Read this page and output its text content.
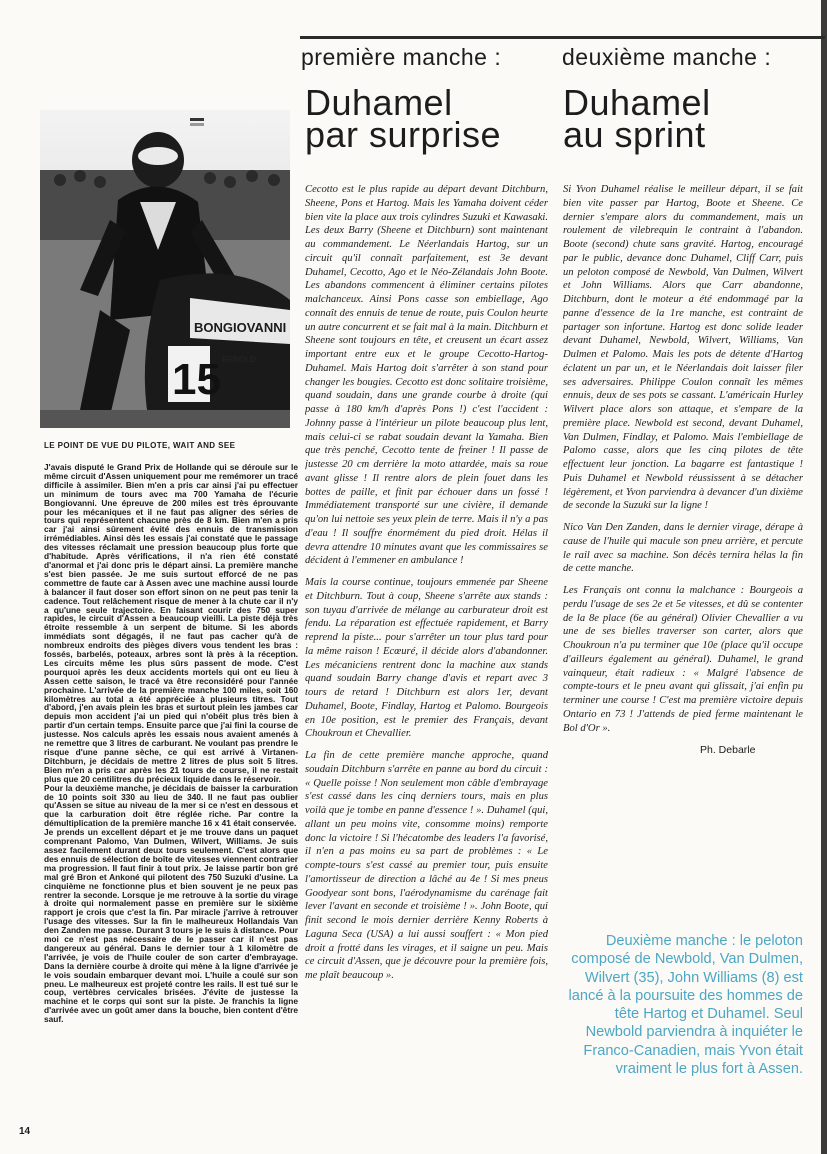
première manche :	deuxième manche :
Duhamel
par surprise
Duhamel
au sprint
BONGIOVANNI
15 RENOLD
LE POINT DE VUE DU PILOTE, WAIT AND SEE

J'avais disputé le Grand Prix de Hollande qui se déroule sur le même circuit d'Assen uniquement pour me remémorer un tracé difficile à assimiler. Bien m'en a pris car ainsi j'ai pu effectuer un minimum de tours avec ma 700 Yamaha de l'écurie Bongiovanni. Une épreuve de 200 miles est très éprouvante pour les mécaniques et il ne faut pas aligner des séries de tours qui représentent chacune près de 8 km. Bien m'en a pris car j'ai ainsi sûrement évité des ennuis de transmission irrémédiables. Ainsi dès les essais j'ai constaté que le passage des vitesses réclamait une pression beaucoup plus forte que d'habitude. Après vérifications, il n'a rien été constaté d'anormal et j'ai donc pris le départ ainsi. La première manche s'est bien passée. Je me suis surtout efforcé de ne pas commettre de faute car à Assen avec une machine aussi lourde à balancer il faut doser son effort sinon on ne peut pas tenir la cadence. Tout relâchement risque de mener à la chute car il n'y a qu'une seule trajectoire. En faisant courir des 750 super rapides, le circuit d'Assen a beaucoup vieilli. La piste déjà très étroite ressemble à un serpent de bitume. Si les abords immédiats sont dégagés, il ne faut pas cacher qu'à de nombreux endroits des pièges divers vous tendent les bras : fossés, barbelés, poteaux, arbres sont là près à la réception. Les circuits même les plus sûrs passent de mode. C'est pourquoi après les deux accidents mortels qui ont eu lieu à Assen cette saison, le tracé va être reconsidéré pour l'année prochaine. L'arrivée de la première manche 100 miles, soit 160 kilomètres au total a été appréciée à plusieurs titres. Tout d'abord, j'en avais plein les bras et surtout plein les jambes car depuis mon accident j'ai un pied qui n'obéit plus très bien à partir d'un certain temps. Ensuite parce que j'ai fini la course de justesse. Nos calculs après les essais nous avaient amenés à ne remettre que 3 litres de carburant. Ne voulant pas prendre le risque d'une panne sèche, ce qui est arrivé à Virtanen-Ditchburn, je décidais de mettre 2 litres de plus soit 5 litres. Bien m'en a pris car après les 21 tours de course, il ne restait plus que 20 centilitres du précieux liquide dans le réservoir.

Pour la deuxième manche, je décidais de baisser la carburation de 10 points soit 330 au lieu de 340. Il ne faut pas oublier qu'Assen se situe au niveau de la mer si ce n'est en dessous et que la carburation doit être réglée riche. Par contre la démultiplication de la première manche 16 x 41 était conservée.

Je prends un excellent départ et je me trouve dans un paquet comprenant Palomo, Van Dulmen, Wilvert, Williams. Je suis assez facilement durant deux tours seulement. C'est alors que des ennuis de sélection de boîte de vitesses viennent contrarier ma progression. Il faut finir à tout prix. Je laisse partir bon gré mal gré Bron et Ankoné qui pilotent des 750 Suzuki d'usine. La cinquième ne fonctionne plus et bien souvent je ne peux pas rentrer la seconde. Lorsque je me retrouve à la sortie du virage à droite qui normalement passe en première sur le sixième rapport je crois que c'est la fin. Par miracle j'arrive à retrouver l'usage des vitesses. Sur la fin le malheureux Hollandais Van den Zanden me passe. Durant 3 tours je le suis à distance. Pour moi ce n'est pas nécessaire de le passer car il n'est pas dangereux au général. Dans le dernier tour à 1 kilomètre de l'arrivée, je vois de l'huile couler de son carter d'embrayage. Dans la dernière courbe à droite qui mène à la ligne d'arrivée je le vois soudain embarquer devant moi. L'huile a coulé sur son pneu. Le malheureux est projeté contre les rails. Il est tué sur le coup, vertèbres cervicales brisées. J'évite de justesse la machine et le corps qui sont sur la piste. Je franchis la ligne d'arrivée avec un goût amer dans la bouche, bien content d'être sauf.

Cecotto est le plus rapide au départ devant Ditchburn, Sheene, Pons et Hartog. Mais les Yamaha doivent céder bien vite la place aux trois cylindres Suzuki et Kawasaki. Les deux Barry (Sheene et Ditchburn) sont maintenant au commandement. Le Néerlandais Hartog, sur un circuit qu'il connaît parfaitement, est 3e devant Duhamel, Cecotto, Ago et le Néo-Zélandais John Boote. Les abandons commencent à éliminer certains pilotes malchanceux. Ainsi Pons casse son embiellage, Ago connaît des ennuis de tenue de route, puis Coulon heurte un autre concurrent et se fait mal à la main. Ditchburn et Sheene sont toujours en tête, et creusent un écart assez important entre eux et le groupe Cecotto-Hartog-Duhamel. Mais Hartog doit s'arrêter à son stand pour changer les bougies. Cecotto est donc solitaire troisième, quand soudain, dans une grande courbe à droite (qui passe à 180 km/h d'après Pons !) c'est l'accident : Johnny passe à l'intérieur un pilote beaucoup plus lent, mais celui-ci se rabat soudain devant la Yamaha. Bien que très penché, Cecotto tente de freiner ! Il passe de justesse 20 cm derrière la moto attardée, mais sa roue avant glisse ! Il rentre alors de plein fouet dans les bottes de paille, et finit par échouer dans un fossé ! Immédiatement transporté sur une civière, il demande qu'on lui nettoie ses yeux plein de terre. Mais il n'y a pas d'eau ! Il souffre énormément du pied droit. Hélas il devra attendre 10 minutes avant que les commissaires se décident à l'emmener en ambulance !

Mais la course continue, toujours emmenée par Sheene et Ditchburn. Tout à coup, Sheene s'arrête aux stands : son tuyau d'arrivée de mélange au carburateur droit est fendu. La réparation est effectuée rapidement, et Barry reprend la piste... pour s'arrêter un tour plus tard pour la même raison ! Ecœuré, il décide alors d'abandonner. Les mécaniciens rentrent donc la machine aux stands quand soudain Barry change d'avis et repart avec 3 tours de retard ! Ditchburn est alors 1er, devant Duhamel, Boote, Findlay, Hartog et Palomo. Bourgeois en 10e position, est le premier des Français, devant Choukroun et Chevallier.

La fin de cette première manche approche, quand soudain Ditchburn s'arrête en panne au bord du circuit : « Quelle poisse ! Non seulement mon câble d'embrayage s'est cassé dans les cinq derniers tours, mais en plus voilà que je tombe en panne d'essence ! ». Duhamel (qui, allant un peu moins vite, consomme moins) remporte donc la victoire ! Si l'hécatombe des leaders l'a favorisé, il n'en a pas moins eu sa part de problèmes : « Le compte-tours s'est cassé au premier tour, puis ensuite l'amortisseur de direction a lâché au 4e ! Si mes pneus Goodyear sont bons, l'aérodynamisme du carénage fait lever l'avant en seconde et troisième ! ». John Boote, qui finit second le mois dernier derrière Kenny Roberts à Laguna Seca (USA) a lui aussi souffert : « Mon pied droit a frotté dans les virages, et il saigne un peu. Mais ce circuit d'Assen, que je découvre pour la première fois, me plaît beaucoup ».

Si Yvon Duhamel réalise le meilleur départ, il se fait bien vite passer par Hartog, Boote et Sheene. Ce dernier s'empare alors du commandement, mais un roulement de vilebrequin le contraint à l'abandon. Boote (second) chute sans gravité. Hartog, encouragé par le public, devance donc Duhamel, Cliff Carr, puis un peloton composé de Newbold, Van Dulmen, Wilvert et John Williams. Alors que Carr abandonne, Ditchburn, dont le moteur a été endommagé par la panne d'essence de la 1re manche, est contraint de partager son infortune. Hartog est donc solide leader devant Duhamel, Newbold, Wilvert, Williams, Van Dulmen et Palomo. Mais les pots de détente d'Hartog éclatent un par un, et le Néerlandais doit laisser filer ses adversaires. Philippe Coulon connaît les mêmes ennuis, deux de ses pots se cassant. L'américain Hurley Wilvert place alors son attaque, et s'empare de la première place. Newbold est second, devant Duhamel, Van Dulmen, Findlay, et Palomo. Mais l'embiellage de Palomo casse, alors que les cinq pilotes de tête effectuent leur jonction. La bagarre est fantastique ! Puis Duhamel et Newbold réussissent à se détacher légèrement, et Yvon parviendra à devancer d'un dixième de seconde la Suzuki sur la ligne !

Nico Van Den Zanden, dans le dernier virage, dérape à cause de l'huile qui macule son pneu arrière, et percute le rail avec sa machine. Son décès ternira hélas la fin de cette manche.

Les Français ont connu la malchance : Bourgeois a perdu l'usage de ses 2e et 5e vitesses, et dû se contenter de la 8e place (6e au général) Olivier Chevallier a vu une de ses bielles traverser son carter, alors que Choukroun n'a pu terminer que 10e (place qu'il occupe d'ailleurs également au général). Duhamel, le grand vainqueur, était radieux : « Malgré l'absence de compte-tours et le pneu avant qui glissait, j'ai enfin pu terminer une course ! C'est ma première victoire depuis Ontario en 73 ! J'attends de pied ferme maintenant le Bol d'Or ».

Ph. Debarle
Deuxième manche : le peloton composé de Newbold, Van Dulmen, Wilvert (35), John Williams (8) est lancé à la poursuite des hommes de tête Hartog et Duhamel. Seul Newbold parviendra à inquiéter le Franco-Canadien, mais Yvon était vraiment le plus fort à Assen.
14
